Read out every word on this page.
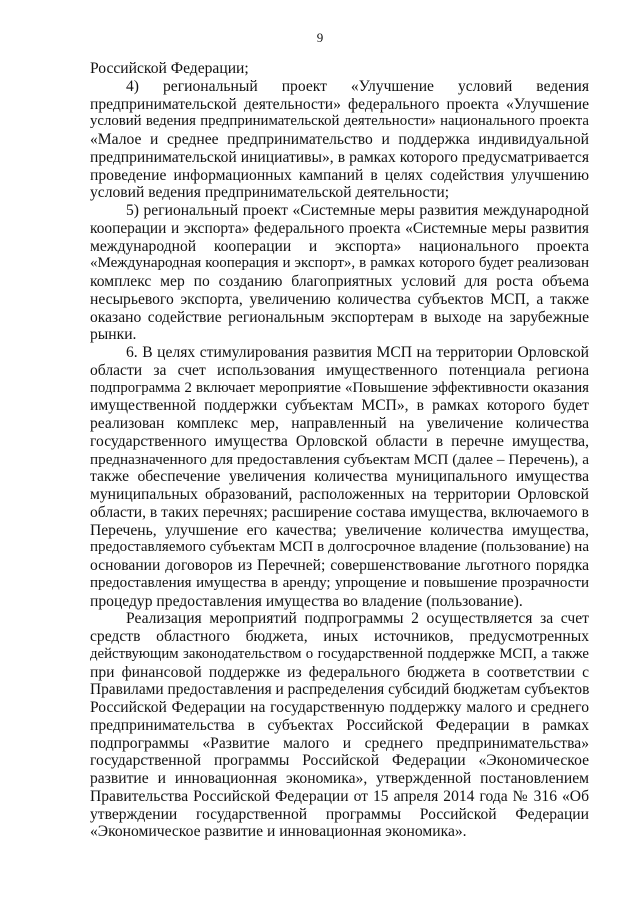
9
Российской Федерации;
4) региональный проект «Улучшение условий ведения
предпринимательской деятельности» федерального проекта «Улучшение
условий ведения предпринимательской деятельности» национального проекта
«Малое и среднее предпринимательство и поддержка индивидуальной
предпринимательской инициативы», в рамках которого предусматривается
проведение информационных кампаний в целях содействия улучшению
условий ведения предпринимательской деятельности;
5) региональный проект «Системные меры развития международной
кооперации и экспорта» федерального проекта «Системные меры развития
международной кооперации и экспорта» национального проекта
«Международная кооперация и экспорт», в рамках которого будет реализован
комплекс мер по созданию благоприятных условий для роста объема
несырьевого экспорта, увеличению количества субъектов МСП, а также
оказано содействие региональным экспортерам в выходе на зарубежные
рынки.
6. В целях стимулирования развития МСП на территории Орловской
области за счет использования имущественного потенциала региона
подпрограмма 2 включает мероприятие «Повышение эффективности оказания
имущественной поддержки субъектам МСП», в рамках которого будет
реализован комплекс мер, направленный на увеличение количества
государственного имущества Орловской области в перечне имущества,
предназначенного для предоставления субъектам МСП (далее – Перечень), а
также обеспечение увеличения количества муниципального имущества
муниципальных образований, расположенных на территории Орловской
области, в таких перечнях; расширение состава имущества, включаемого в
Перечень, улучшение его качества; увеличение количества имущества,
предоставляемого субъектам МСП в долгосрочное владение (пользование) на
основании договоров из Перечней; совершенствование льготного порядка
предоставления имущества в аренду; упрощение и повышение прозрачности
процедур предоставления имущества во владение (пользование).
Реализация мероприятий подпрограммы 2 осуществляется за счет
средств областного бюджета, иных источников, предусмотренных
действующим законодательством о государственной поддержке МСП, а также
при финансовой поддержке из федерального бюджета в соответствии с
Правилами предоставления и распределения субсидий бюджетам субъектов
Российской Федерации на государственную поддержку малого и среднего
предпринимательства в субъектах Российской Федерации в рамках
подпрограммы «Развитие малого и среднего предпринимательства»
государственной программы Российской Федерации «Экономическое
развитие и инновационная экономика», утвержденной постановлением
Правительства Российской Федерации от 15 апреля 2014 года № 316 «Об
утверждении государственной программы Российской Федерации
«Экономическое развитие и инновационная экономика».
